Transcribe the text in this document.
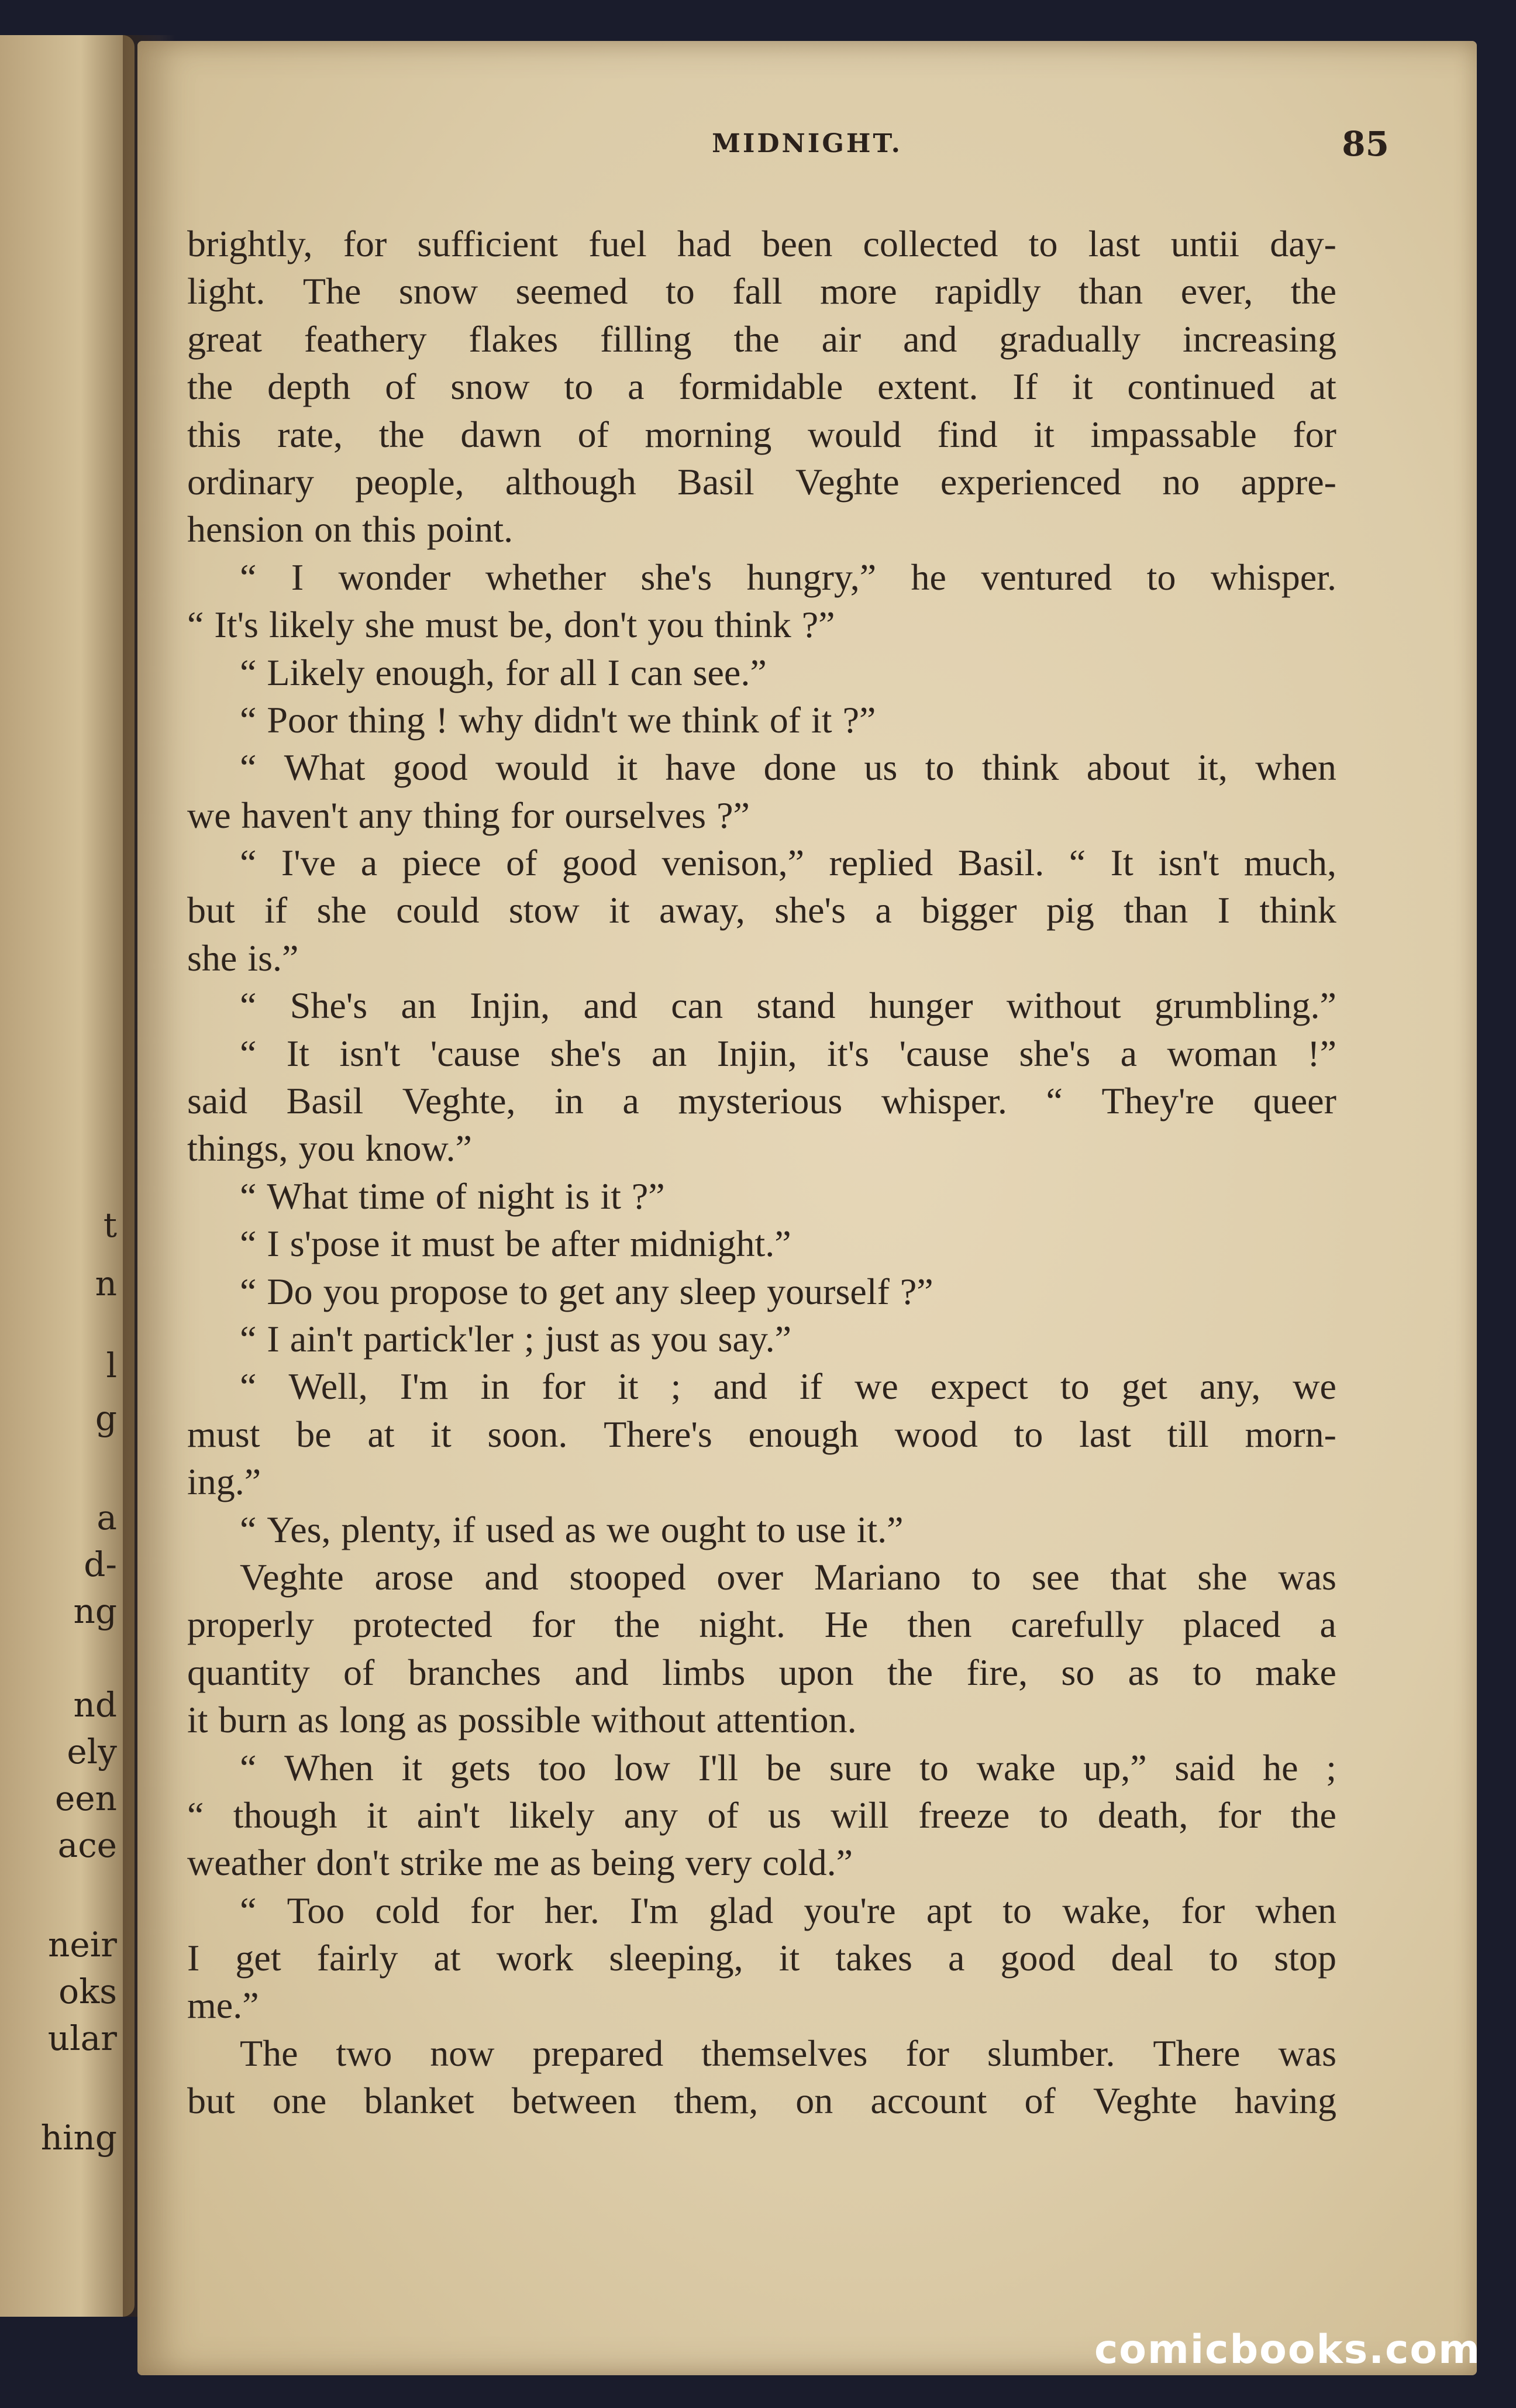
t
n
l
g
a
d-
ng
nd
ely
een
ace
neir
oks
ular
hing
MIDNIGHT.	85
brightly, for sufficient fuel had been collected to last untii day-
light. The snow seemed to fall more rapidly than ever, the
great feathery flakes filling the air and gradually increasing
the depth of snow to a formidable extent. If it continued at
this rate, the dawn of morning would find it impassable for
ordinary people, although Basil Veghte experienced no appre-
hension on this point.
“ I wonder whether she's hungry,” he ventured to whisper.
“ It's likely she must be, don't you think ?”
“ Likely enough, for all I can see.”
“ Poor thing ! why didn't we think of it ?”
“ What good would it have done us to think about it, when
we haven't any thing for ourselves ?”
“ I've a piece of good venison,” replied Basil. “ It isn't much,
but if she could stow it away, she's a bigger pig than I think
she is.”
“ She's an Injin, and can stand hunger without grumbling.”
“ It isn't 'cause she's an Injin, it's 'cause she's a woman !”
said Basil Veghte, in a mysterious whisper. “ They're queer
things, you know.”
“ What time of night is it ?”
“ I s'pose it must be after midnight.”
“ Do you propose to get any sleep yourself ?”
“ I ain't partick'ler ; just as you say.”
“ Well, I'm in for it ; and if we expect to get any, we
must be at it soon. There's enough wood to last till morn-
ing.”
“ Yes, plenty, if used as we ought to use it.”
Veghte arose and stooped over Mariano to see that she was
properly protected for the night. He then carefully placed a
quantity of branches and limbs upon the fire, so as to make
it burn as long as possible without attention.
“ When it gets too low I'll be sure to wake up,” said he ;
“ though it ain't likely any of us will freeze to death, for the
weather don't strike me as being very cold.”
“ Too cold for her. I'm glad you're apt to wake, for when
I get fairly at work sleeping, it takes a good deal to stop
me.”
The two now prepared themselves for slumber. There was
but one blanket between them, on account of Veghte having
comicbooks.com
